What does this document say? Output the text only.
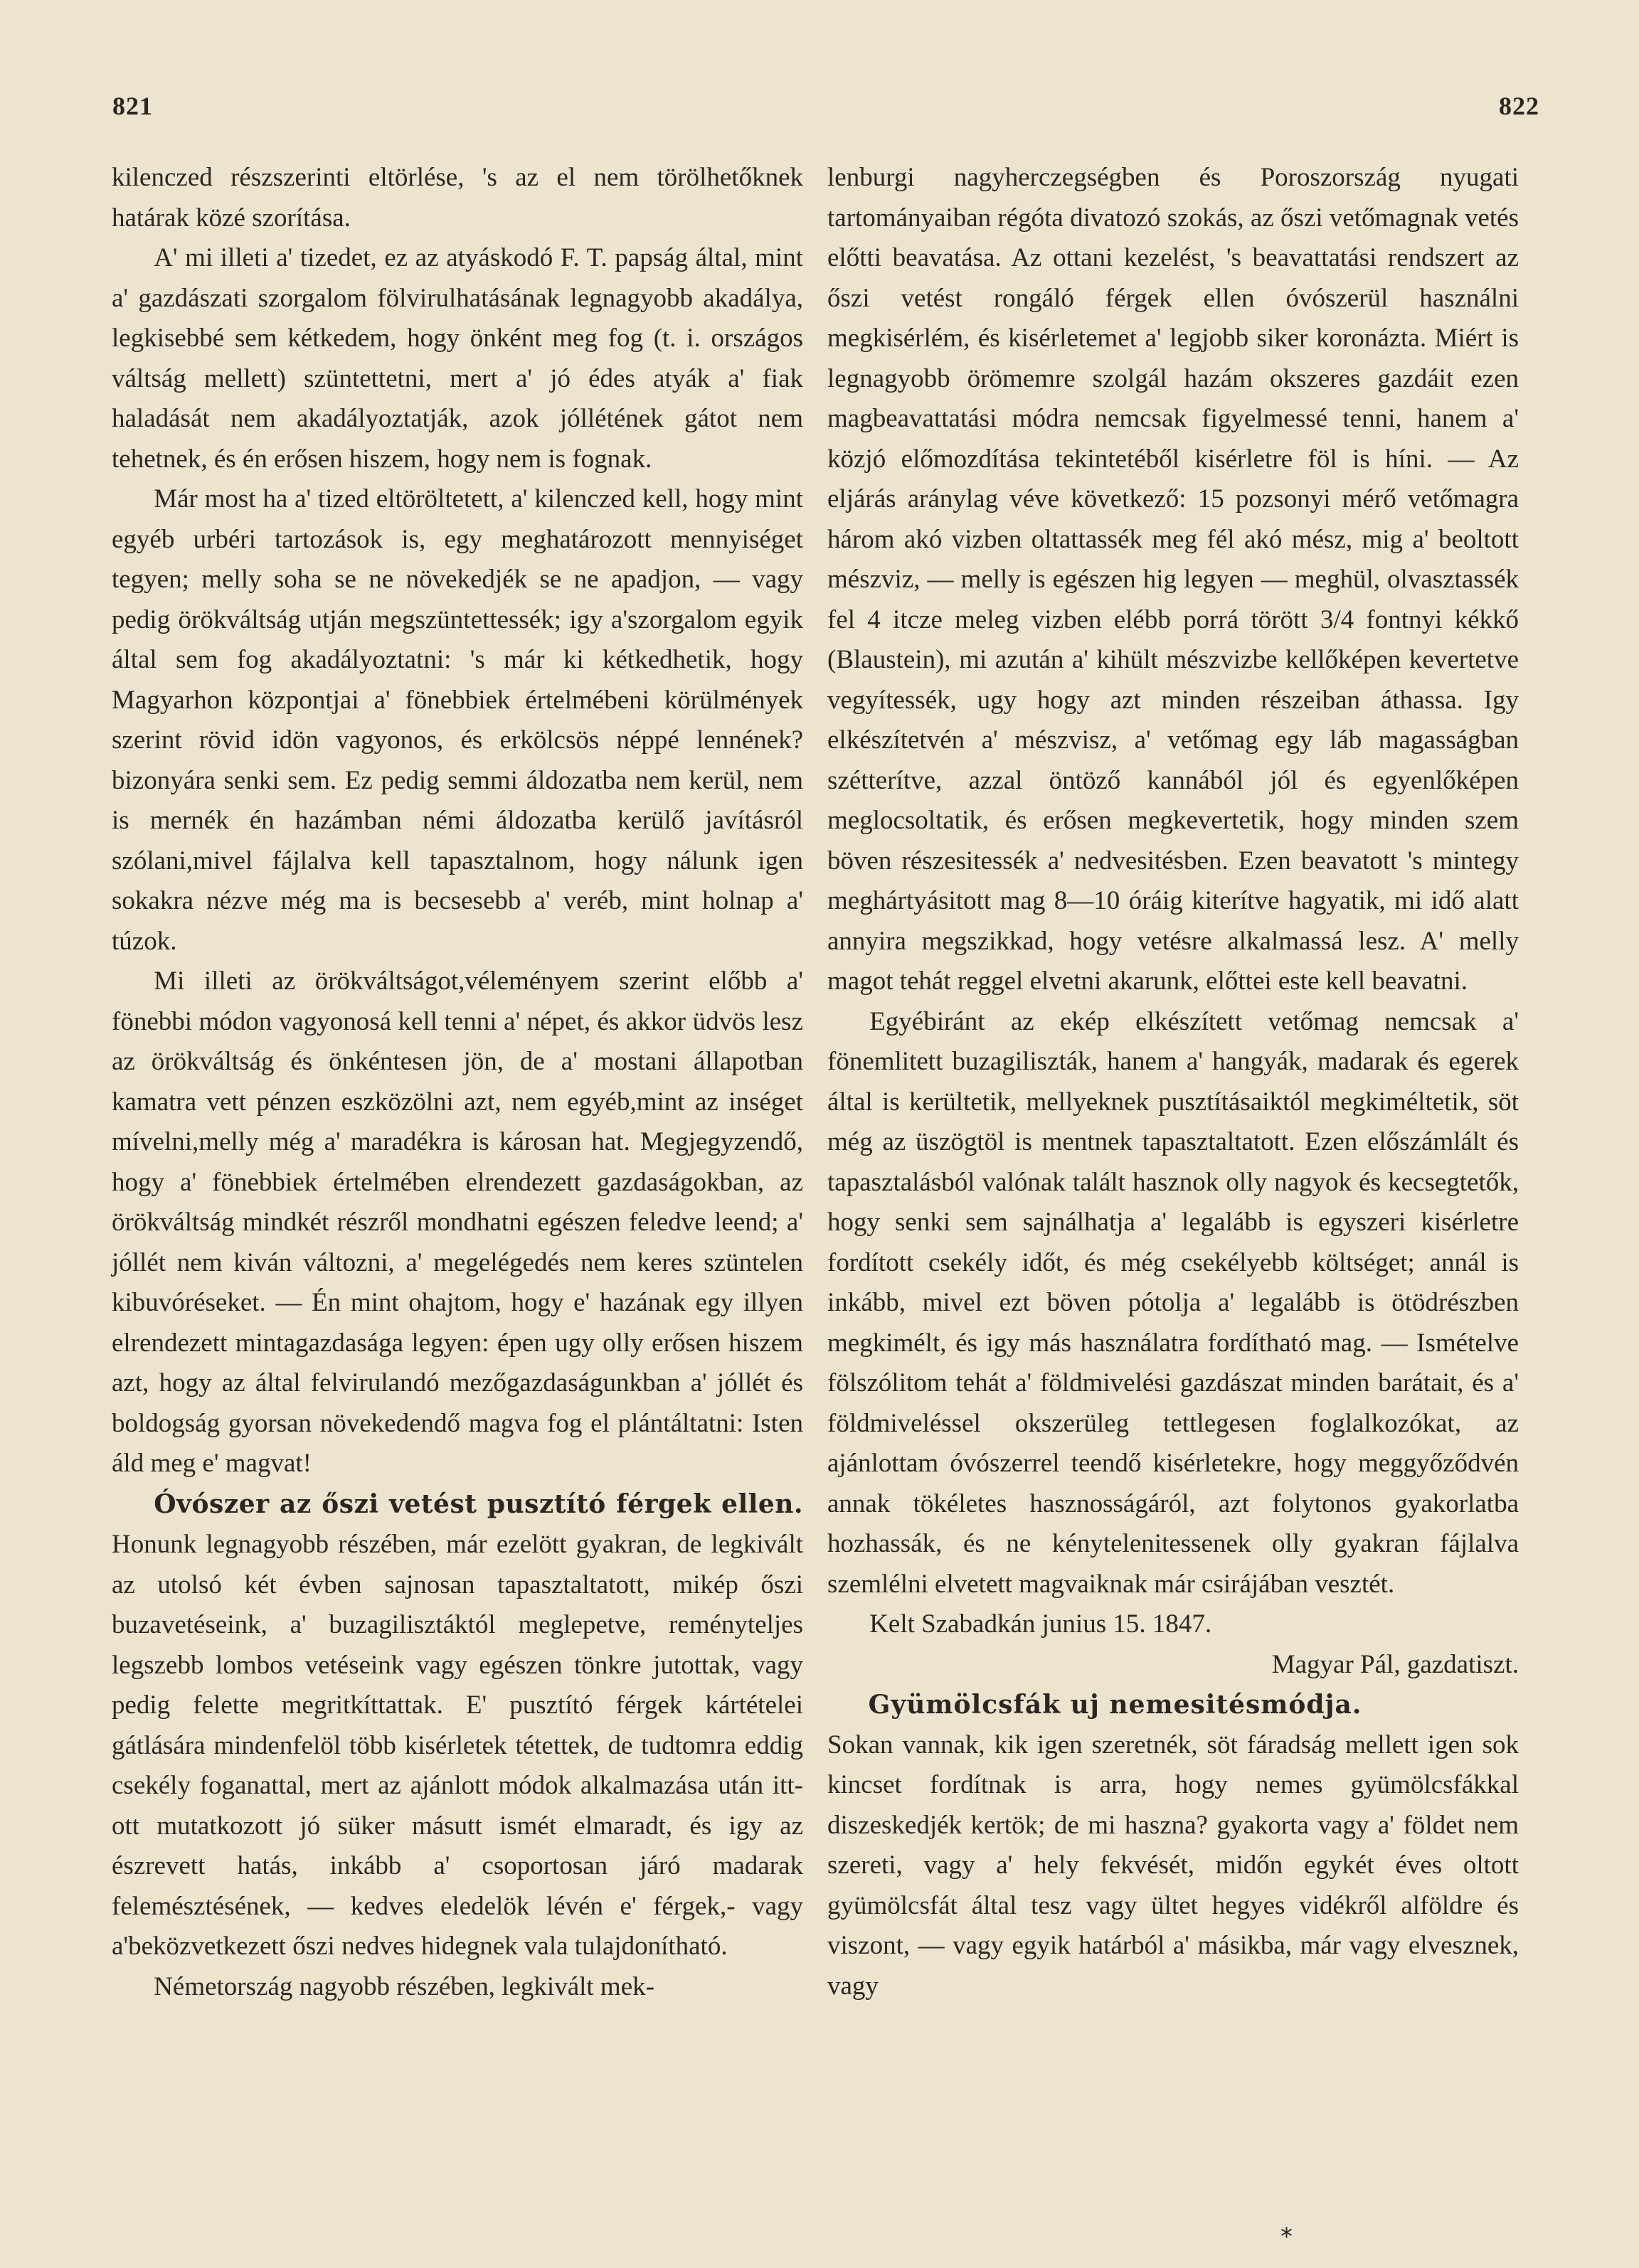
821	822

kilenczed részszerinti eltörlése, 's az el nem törölhetőknek határak közé szorítása.

A' mi illeti a' tizedet, ez az atyáskodó F. T. papság által, mint a' gazdászati szorgalom fölvirulhatásának legnagyobb akadálya, legkisebbé sem kétkedem, hogy önként meg fog (t. i. országos váltság mellett) szüntettetni, mert a' jó édes atyák a' fiak haladását nem akadályoztatják, azok jóllétének gátot nem tehetnek, és én erősen hiszem, hogy nem is fognak.

Már most ha a' tized eltöröltetett, a' kilenczed kell, hogy mint egyéb urbéri tartozások is, egy meghatározott mennyiséget tegyen; melly soha se ne növekedjék se ne apadjon, — vagy pedig örökváltság utján megszüntettessék; igy a'szorgalom egyik által sem fog akadályoztatni: 's már ki kétkedhetik, hogy Magyarhon központjai a' fönebbiek értelmébeni körülmények szerint rövid idön vagyonos, és erkölcsös néppé lennének? bizonyára senki sem. Ez pedig semmi áldozatba nem kerül, nem is mernék én hazámban némi áldozatba kerülő javításról szólani,mivel fájlalva kell tapasztalnom, hogy nálunk igen sokakra nézve még ma is becsesebb a' veréb, mint holnap a' túzok.

Mi illeti az örökváltságot,véleményem szerint előbb a' fönebbi módon vagyonosá kell tenni a' népet, és akkor üdvös lesz az örökváltság és önkéntesen jön, de a' mostani állapotban kamatra vett pénzen eszközölni azt, nem egyéb,mint az inséget mívelni,melly még a' maradékra is károsan hat. Megjegyzendő, hogy a' fönebbiek értelmében elrendezett gazdaságokban, az örökváltság mindkét részről mondhatni egészen feledve leend; a' jóllét nem kiván változni, a' megelégedés nem keres szüntelen kibuvóréseket. — Én mint ohajtom, hogy e' hazának egy illyen elrendezett mintagazdasága legyen: épen ugy olly erősen hiszem azt, hogy az által felvirulandó mezőgazdaságunkban a' jóllét és boldogság gyorsan növekedendő magva fog el plántáltatni: Isten áld meg e' magvat!

Óvószer az őszi vetést pusztító férgek ellen. Honunk legnagyobb részében, már ezelött gyakran, de legkivált az utolsó két évben sajnosan tapasztaltatott, mikép őszi buzavetéseink, a' buzagilisztáktól meglepetve, reményteljes legszebb lombos vetéseink vagy egészen tönkre jutottak, vagy pedig felette megritkíttattak. E' pusztító férgek kártételei gátlására mindenfelöl több kisérletek tétettek, de tudtomra eddig csekély foganattal, mert az ajánlott módok alkalmazása után itt-ott mutatkozott jó süker másutt ismét elmaradt, és igy az észrevett hatás, inkább a' csoportosan járó madarak felemésztésének, — kedves eledelök lévén e' férgek,- vagy a'beközvetkezett őszi nedves hidegnek vala tulajdonítható.

Németország nagyobb részében, legkivált mek-

lenburgi nagyherczegségben és Poroszország nyugati tartományaiban régóta divatozó szokás, az őszi vetőmagnak vetés előtti beavatása. Az ottani kezelést, 's beavattatási rendszert az őszi vetést rongáló férgek ellen óvószerül használni megkisérlém, és kisérletemet a' legjobb siker koronázta. Miért is legnagyobb örömemre szolgál hazám okszeres gazdáit ezen magbeavattatási módra nemcsak figyelmessé tenni, hanem a' közjó előmozdítása tekintetéből kisérletre föl is híni. — Az eljárás aránylag véve következő: 15 pozsonyi mérő vetőmagra három akó vizben oltattassék meg fél akó mész, mig a' beoltott mészviz, — melly is egészen hig legyen — meghül, olvasztassék fel 4 itcze meleg vizben elébb porrá törött 3/4 fontnyi kékkő (Blaustein), mi azután a' kihült mészvizbe kellőképen kevertetve vegyítessék, ugy hogy azt minden részeiban áthassa. Igy elkészítetvén a' mészvisz, a' vetőmag egy láb magasságban szétterítve, azzal öntöző kannából jól és egyenlőképen meglocsoltatik, és erősen megkevertetik, hogy minden szem böven részesitessék a' nedvesitésben. Ezen beavatott 's mintegy meghártyásitott mag 8—10 óráig kiterítve hagyatik, mi idő alatt annyira megszikkad, hogy vetésre alkalmassá lesz. A' melly magot tehát reggel elvetni akarunk, előttei este kell beavatni.

Egyébiránt az ekép elkészített vetőmag nemcsak a' fönemlitett buzagiliszták, hanem a' hangyák, madarak és egerek által is kerültetik, mellyeknek pusztításaiktól megkiméltetik, söt még az üszögtöl is mentnek tapasztaltatott. Ezen előszámlált és tapasztalásból valónak talált hasznok olly nagyok és kecsegtetők, hogy senki sem sajnálhatja a' legalább is egyszeri kisérletre fordított csekély időt, és még csekélyebb költséget; annál is inkább, mivel ezt böven pótolja a' legalább is ötödrészben megkimélt, és igy más használatra fordítható mag. — Ismételve fölszólitom tehát a' földmivelési gazdászat minden barátait, és a' földmiveléssel okszerüleg tettlegesen foglalkozókat, az ajánlottam óvószerrel teendő kisérletekre, hogy meggyőződvén annak tökéletes hasznosságáról, azt folytonos gyakorlatba hozhassák, és ne kénytelenitessenek olly gyakran fájlalva szemlélni elvetett magvaiknak már csirájában vesztét.

Kelt Szabadkán junius 15. 1847.

Magyar Pál, gazdatiszt.

Gyümölcsfák uj nemesitésmódja.

Sokan vannak, kik igen szeretnék, söt fáradság mellett igen sok kincset fordítnak is arra, hogy nemes gyümölcsfákkal diszeskedjék kertök; de mi haszna? gyakorta vagy a' földet nem szereti, vagy a' hely fekvését, midőn egykét éves oltott gyümölcsfát által tesz vagy ültet hegyes vidékről alföldre és viszont, — vagy egyik határból a' másikba, már vagy elvesznek, vagy

*
